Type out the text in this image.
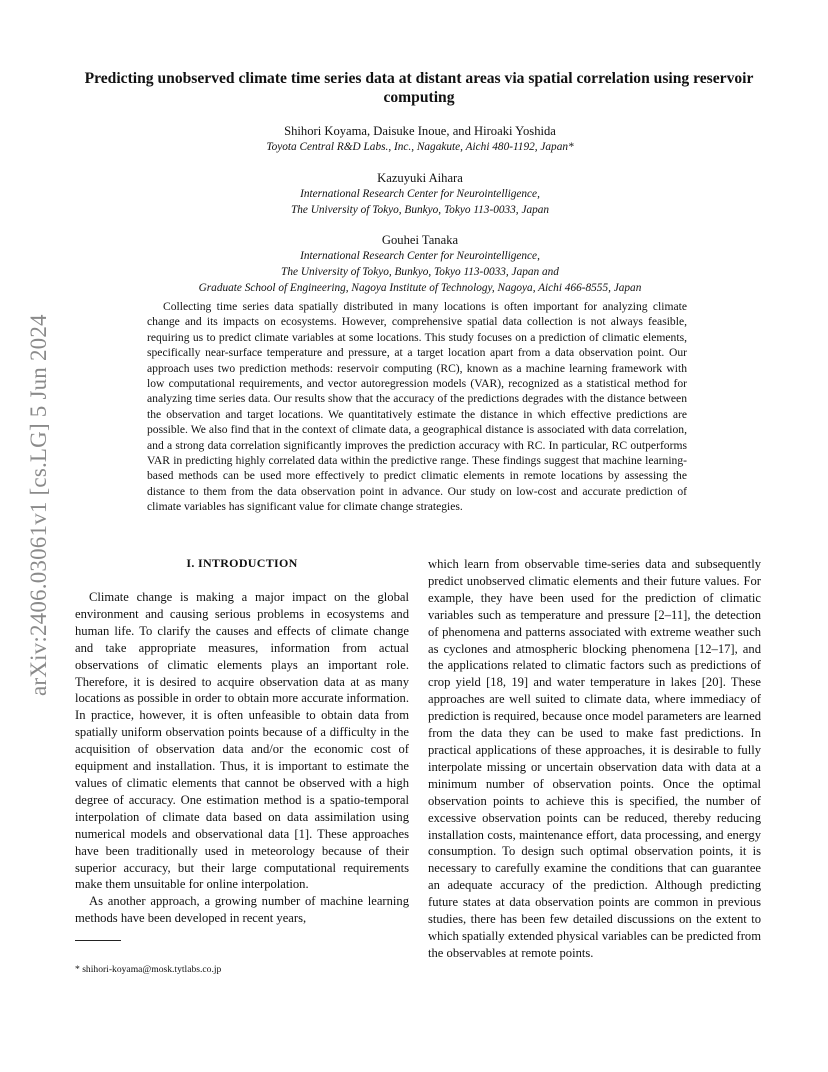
arXiv:2406.03061v1 [cs.LG] 5 Jun 2024
Predicting unobserved climate time series data at distant areas via spatial correlation using reservoir computing
Shihori Koyama, Daisuke Inoue, and Hiroaki Yoshida
Toyota Central R&D Labs., Inc., Nagakute, Aichi 480-1192, Japan*
Kazuyuki Aihara
International Research Center for Neurointelligence,
The University of Tokyo, Bunkyo, Tokyo 113-0033, Japan
Gouhei Tanaka
International Research Center for Neurointelligence,
The University of Tokyo, Bunkyo, Tokyo 113-0033, Japan and
Graduate School of Engineering, Nagoya Institute of Technology, Nagoya, Aichi 466-8555, Japan

Collecting time series data spatially distributed in many locations is often important for analyzing climate change and its impacts on ecosystems. However, comprehensive spatial data collection is not always feasible, requiring us to predict climate variables at some locations. This study focuses on a prediction of climatic elements, specifically near-surface temperature and pressure, at a target location apart from a data observation point. Our approach uses two prediction methods: reservoir computing (RC), known as a machine learning framework with low computational requirements, and vector autoregression models (VAR), recognized as a statistical method for analyzing time series data. Our results show that the accuracy of the predictions degrades with the distance between the observation and target locations. We quantitatively estimate the distance in which effective predictions are possible. We also find that in the context of climate data, a geographical distance is associated with data correlation, and a strong data correlation significantly improves the prediction accuracy with RC. In particular, RC outperforms VAR in predicting highly correlated data within the predictive range. These findings suggest that machine learning-based methods can be used more effectively to predict climatic elements in remote locations by assessing the distance to them from the data observation point in advance. Our study on low-cost and accurate prediction of climate variables has significant value for climate change strategies.

I. INTRODUCTION

Climate change is making a major impact on the global environment and causing serious problems in ecosystems and human life. To clarify the causes and effects of climate change and take appropriate measures, information from actual observations of climatic elements plays an important role. Therefore, it is desired to acquire observation data at as many locations as possible in order to obtain more accurate information. In practice, however, it is often unfeasible to obtain data from spatially uniform observation points because of a difficulty in the acquisition of observation data and/or the economic cost of equipment and installation. Thus, it is important to estimate the values of climatic elements that cannot be observed with a high degree of accuracy. One estimation method is a spatio-temporal interpolation of climate data based on data assimilation using numerical models and observational data [1]. These approaches have been traditionally used in meteorology because of their superior accuracy, but their large computational requirements make them unsuitable for online interpolation.

As another approach, a growing number of machine learning methods have been developed in recent years,

which learn from observable time-series data and subsequently predict unobserved climatic elements and their future values. For example, they have been used for the prediction of climatic variables such as temperature and pressure [2–11], the detection of phenomena and patterns associated with extreme weather such as cyclones and atmospheric blocking phenomena [12–17], and the applications related to climatic factors such as predictions of crop yield [18, 19] and water temperature in lakes [20]. These approaches are well suited to climate data, where immediacy of prediction is required, because once model parameters are learned from the data they can be used to make fast predictions. In practical applications of these approaches, it is desirable to fully interpolate missing or uncertain observation data with data at a minimum number of observation points. Once the optimal observation points to achieve this is specified, the number of excessive observation points can be reduced, thereby reducing installation costs, maintenance effort, data processing, and energy consumption. To design such optimal observation points, it is necessary to carefully examine the conditions that can guarantee an adequate accuracy of the prediction. Although predicting future states at data observation points are common in previous studies, there has been few detailed discussions on the extent to which spatially extended physical variables can be predicted from the observables at remote points.

* shihori-koyama@mosk.tytlabs.co.jp
